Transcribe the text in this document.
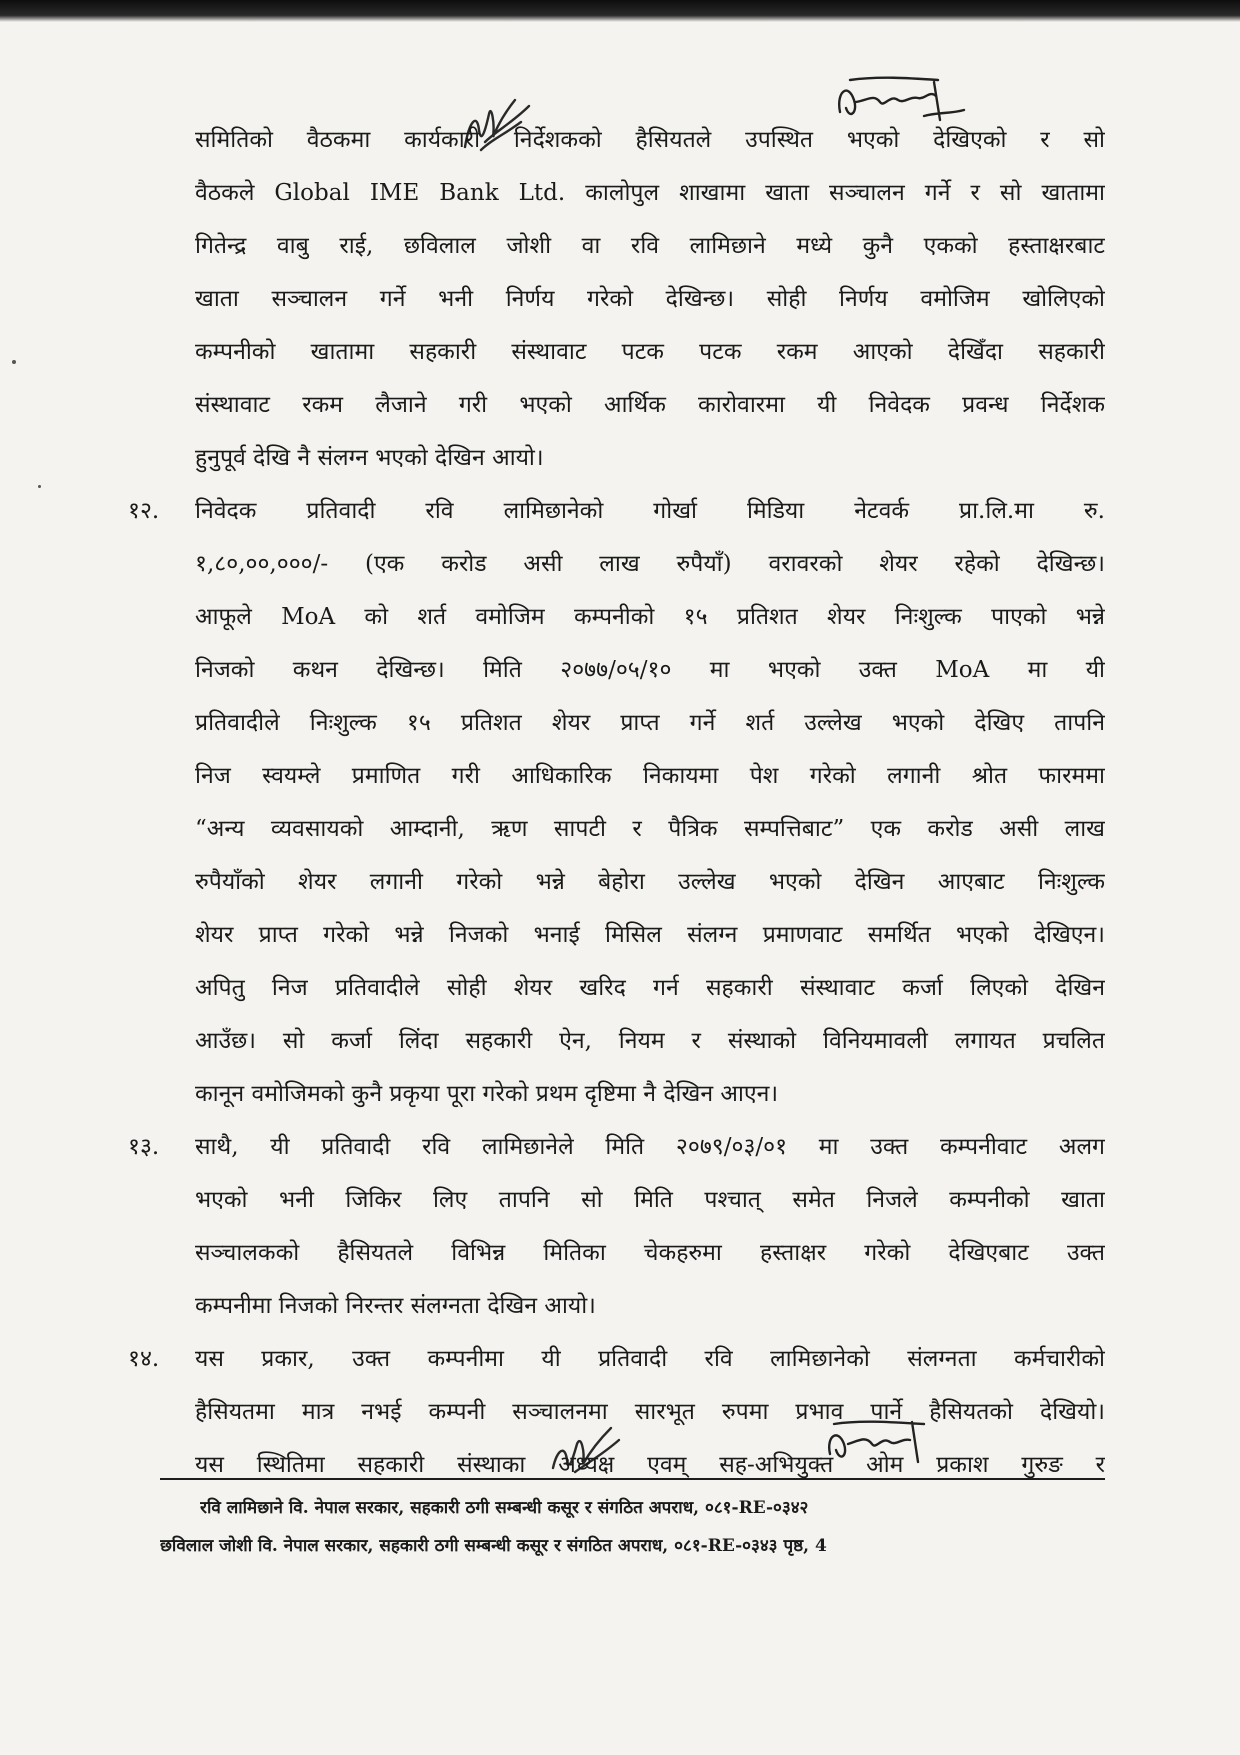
समितिको वैठकमा कार्यकारी निर्देशकको हैसियतले उपस्थित भएको देखिएको र सो
वैठकले Global IME Bank Ltd. कालोपुल शाखामा खाता सञ्चालन गर्ने र सो खातामा
गितेन्द्र वाबु राई, छविलाल जोशी वा रवि लामिछाने मध्ये कुनै एकको हस्ताक्षरबाट
खाता सञ्चालन गर्ने भनी निर्णय गरेको देखिन्छ। सोही निर्णय वमोजिम खोलिएको
कम्पनीको खातामा सहकारी संस्थावाट पटक पटक रकम आएको देखिँदा सहकारी
संस्थावाट रकम लैजाने गरी भएको आर्थिक कारोवारमा यी निवेदक प्रवन्ध निर्देशक
हुनुपूर्व देखि नै संलग्न भएको देखिन आयो।
१२.	निवेदक प्रतिवादी रवि लामिछानेको गोर्खा मिडिया नेटवर्क प्रा.लि.मा रु.
१,८०,००,०००/- (एक करोड असी लाख रुपैयाँ) वरावरको शेयर रहेको देखिन्छ।
आफूले MoA को शर्त वमोजिम कम्पनीको १५ प्रतिशत शेयर निःशुल्क पाएको भन्ने
निजको कथन देखिन्छ। मिति २०७७/०५/१० मा भएको उक्त MoA मा यी
प्रतिवादीले निःशुल्क १५ प्रतिशत शेयर प्राप्त गर्ने शर्त उल्लेख भएको देखिए तापनि
निज स्वयम्ले प्रमाणित गरी आधिकारिक निकायमा पेश गरेको लगानी श्रोत फारममा
“अन्य व्यवसायको आम्दानी, ऋण सापटी र पैत्रिक सम्पत्तिबाट” एक करोड असी लाख
रुपैयाँको शेयर लगानी गरेको भन्ने बेहोरा उल्लेख भएको देखिन आएबाट निःशुल्क
शेयर प्राप्त गरेको भन्ने निजको भनाई मिसिल संलग्न प्रमाणवाट समर्थित भएको देखिएन।
अपितु निज प्रतिवादीले सोही शेयर खरिद गर्न सहकारी संस्थावाट कर्जा लिएको देखिन
आउँछ। सो कर्जा लिंदा सहकारी ऐन, नियम र संस्थाको विनियमावली लगायत प्रचलित
कानून वमोजिमको कुनै प्रकृया पूरा गरेको प्रथम दृष्टिमा नै देखिन आएन।
१३.	साथै, यी प्रतिवादी रवि लामिछानेले मिति २०७९/०३/०१ मा उक्त कम्पनीवाट अलग
भएको भनी जिकिर लिए तापनि सो मिति पश्चात् समेत निजले कम्पनीको खाता
सञ्चालकको हैसियतले विभिन्न मितिका चेकहरुमा हस्ताक्षर गरेको देखिएबाट उक्त
कम्पनीमा निजको निरन्तर संलग्नता देखिन आयो।
यस प्रकार, उक्त कम्पनीमा यी प्रतिवादी रवि लामिछानेको संलग्नता कर्मचारीको
१४.
हैसियतमा मात्र नभई कम्पनी सञ्चालनमा सारभूत रुपमा प्रभाव पार्ने हैसियतको देखियो।
यस स्थितिमा सहकारी संस्थाका अध्यक्ष एवम् सह-अभियुक्त ओम प्रकाश गुरुङ र
रवि लामिछाने वि. नेपाल सरकार, सहकारी ठगी सम्बन्धी कसूर र संगठित अपराध, ०८१-RE-०३४२
छविलाल जोशी वि. नेपाल सरकार, सहकारी ठगी सम्बन्धी कसूर र संगठित अपराध, ०८१-RE-०३४३ पृष्ठ, 4
